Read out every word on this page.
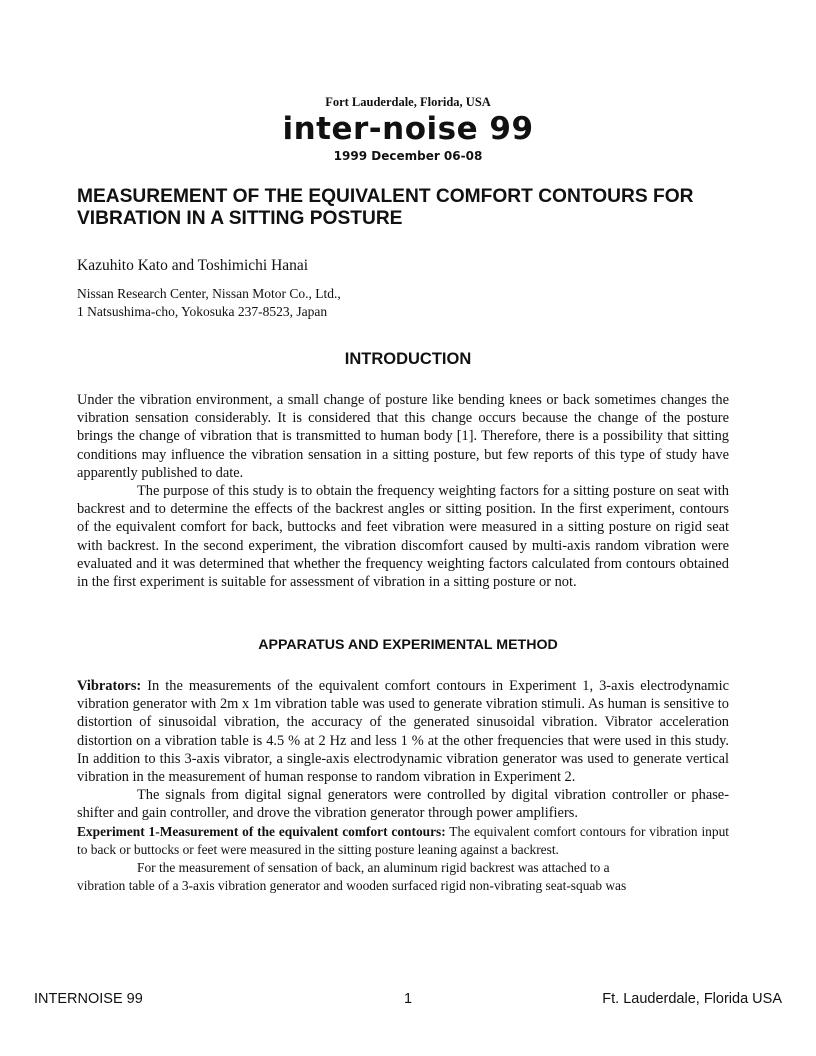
Fort Lauderdale, Florida, USA
inter-noise 99
1999 December 06-08
MEASUREMENT OF THE EQUIVALENT COMFORT CONTOURS FOR VIBRATION IN A SITTING POSTURE
Kazuhito Kato and Toshimichi Hanai
Nissan Research Center, Nissan Motor Co., Ltd.,
1 Natsushima-cho, Yokosuka 237-8523, Japan
INTRODUCTION

Under the vibration environment, a small change of posture like bending knees or back sometimes changes the vibration sensation considerably. It is considered that this change occurs because the change of the posture brings the change of vibration that is transmitted to human body [1]. Therefore, there is a possibility that sitting conditions may influence the vibration sensation in a sitting posture, but few reports of this type of study have apparently published to date.

The purpose of this study is to obtain the frequency weighting factors for a sitting posture on seat with backrest and to determine the effects of the backrest angles or sitting position. In the first experiment, contours of the equivalent comfort for back, buttocks and feet vibration were measured in a sitting posture on rigid seat with backrest. In the second experiment, the vibration discomfort caused by multi-axis random vibration were evaluated and it was determined that whether the frequency weighting factors calculated from contours obtained in the first experiment is suitable for assessment of vibration in a sitting posture or not.

APPARATUS AND EXPERIMENTAL METHOD

Vibrators: In the measurements of the equivalent comfort contours in Experiment 1, 3-axis electrodynamic vibration generator with 2m x 1m vibration table was used to generate vibration stimuli. As human is sensitive to distortion of sinusoidal vibration, the accuracy of the generated sinusoidal vibration. Vibrator acceleration distortion on a vibration table is 4.5 % at 2 Hz and less 1 % at the other frequencies that were used in this study. In addition to this 3-axis vibrator, a single-axis electrodynamic vibration generator was used to generate vertical vibration in the measurement of human response to random vibration in Experiment 2.

The signals from digital signal generators were controlled by digital vibration controller or phase-shifter and gain controller, and drove the vibration generator through power amplifiers.

Experiment 1-Measurement of the equivalent comfort contours: The equivalent comfort contours for vibration input to back or buttocks or feet were measured in the sitting posture leaning against a backrest.

For the measurement of sensation of back, an aluminum rigid backrest was attached to a

vibration table of a 3-axis vibration generator and wooden surfaced rigid non-vibrating seat-squab was

INTERNOISE 99	1	Ft. Lauderdale, Florida USA
